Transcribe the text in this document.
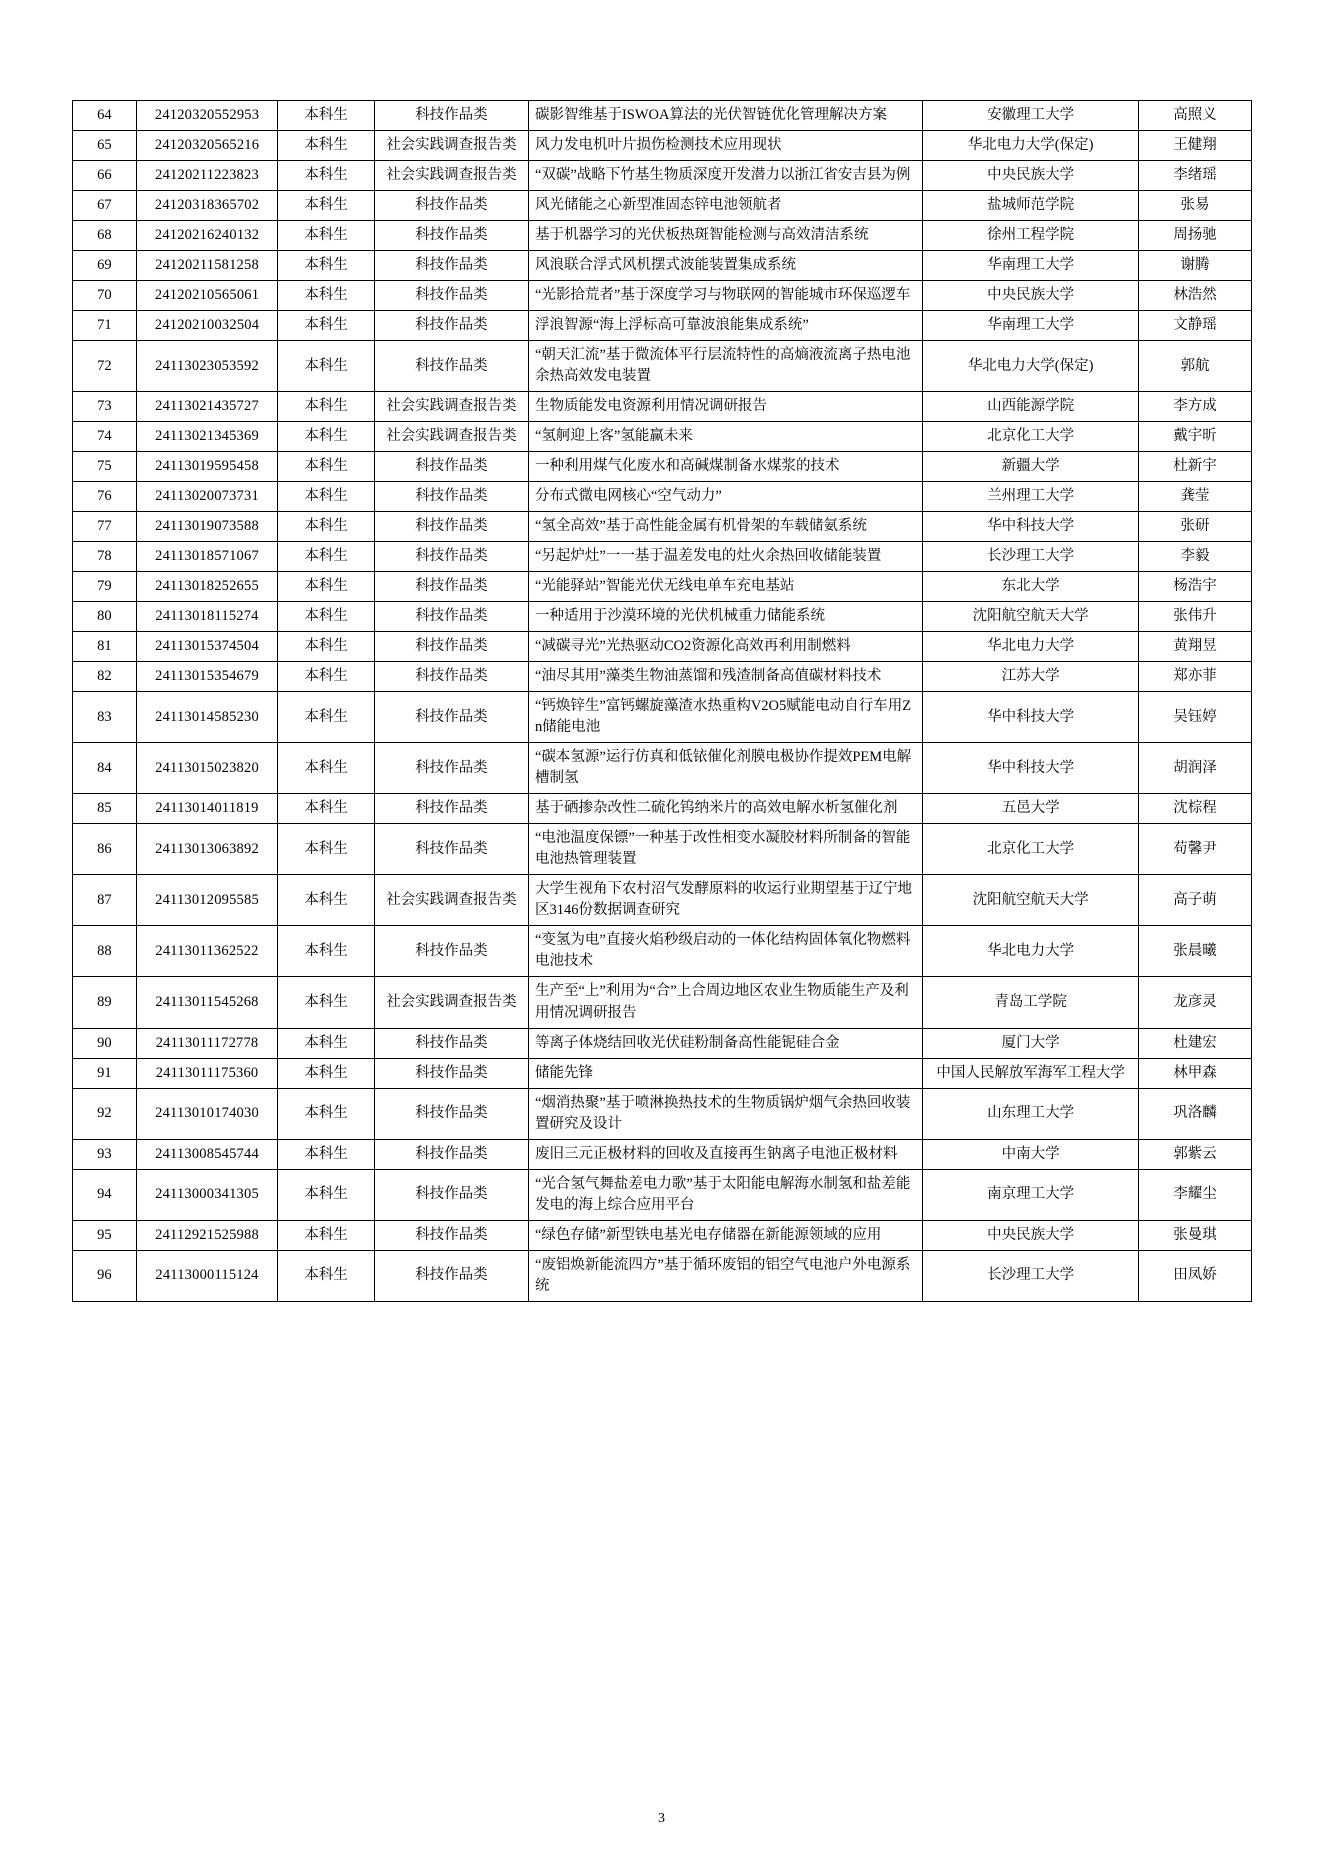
64	24120320552953	本科生	科技作品类	碳影智维基于ISWOA算法的光伏智链优化管理解决方案	安徽理工大学	高照义
65	24120320565216	本科生	社会实践调查报告类	风力发电机叶片损伤检测技术应用现状	华北电力大学(保定)	王健翔
66	24120211223823	本科生	社会实践调查报告类	“双碳”战略下竹基生物质深度开发潜力以浙江省安吉县为例	中央民族大学	李绪瑶
67	24120318365702	本科生	科技作品类	风光储能之心新型准固态锌电池领航者	盐城师范学院	张易
68	24120216240132	本科生	科技作品类	基于机器学习的光伏板热斑智能检测与高效清洁系统	徐州工程学院	周扬驰
69	24120211581258	本科生	科技作品类	风浪联合浮式风机摆式波能装置集成系统	华南理工大学	谢腾
70	24120210565061	本科生	科技作品类	“光影拾荒者”基于深度学习与物联网的智能城市环保巡逻车	中央民族大学	林浩然
71	24120210032504	本科生	科技作品类	浮浪智源“海上浮标高可靠波浪能集成系统”	华南理工大学	文静瑶
72	24113023053592	本科生	科技作品类	“朝天汇流”基于微流体平行层流特性的高熵液流离子热电池余热高效发电装置	华北电力大学(保定)	郭航
73	24113021435727	本科生	社会实践调查报告类	生物质能发电资源利用情况调研报告	山西能源学院	李方成
74	24113021345369	本科生	社会实践调查报告类	“氢舸迎上客”氢能赢未来	北京化工大学	戴宇昕
75	24113019595458	本科生	科技作品类	一种利用煤气化废水和高碱煤制备水煤浆的技术	新疆大学	杜新宇
76	24113020073731	本科生	科技作品类	分布式微电网核心“空气动力”	兰州理工大学	龚莹
77	24113019073588	本科生	科技作品类	“氢全高效”基于高性能金属有机骨架的车载储氨系统	华中科技大学	张研
78	24113018571067	本科生	科技作品类	“另起炉灶”一一基于温差发电的灶火余热回收储能装置	长沙理工大学	李毅
79	24113018252655	本科生	科技作品类	“光能驿站”智能光伏无线电单车充电基站	东北大学	杨浩宇
80	24113018115274	本科生	科技作品类	一种适用于沙漠环境的光伏机械重力储能系统	沈阳航空航天大学	张伟升
81	24113015374504	本科生	科技作品类	“减碳寻光”光热驱动CO2资源化高效再利用制燃料	华北电力大学	黄翔昱
82	24113015354679	本科生	科技作品类	“油尽其用”藻类生物油蒸馏和残渣制备高值碳材料技术	江苏大学	郑亦菲
83	24113014585230	本科生	科技作品类	“钙焕锌生”富钙螺旋藻渣水热重构V2O5赋能电动自行车用Zn储能电池	华中科技大学	吴钰婷
84	24113015023820	本科生	科技作品类	“碳本氢源”运行仿真和低铱催化剂膜电极协作提效PEM电解槽制氢	华中科技大学	胡润泽
85	24113014011819	本科生	科技作品类	基于硒掺杂改性二硫化钨纳米片的高效电解水析氢催化剂	五邑大学	沈棕程
86	24113013063892	本科生	科技作品类	“电池温度保镖”一种基于改性相变水凝胶材料所制备的智能电池热管理装置	北京化工大学	苟馨尹
87	24113012095585	本科生	社会实践调查报告类	大学生视角下农村沼气发酵原料的收运行业期望基于辽宁地区3146份数据调查研究	沈阳航空航天大学	高子萌
88	24113011362522	本科生	科技作品类	“变氢为电”直接火焰秒级启动的一体化结构固体氧化物燃料电池技术	华北电力大学	张晨曦
89	24113011545268	本科生	社会实践调查报告类	生产至“上”利用为“合”上合周边地区农业生物质能生产及利用情况调研报告	青岛工学院	龙彦灵
90	24113011172778	本科生	科技作品类	等离子体烧结回收光伏硅粉制备高性能铌硅合金	厦门大学	杜建宏
91	24113011175360	本科生	科技作品类	储能先锋	中国人民解放军海军工程大学	林甲森
92	24113010174030	本科生	科技作品类	“烟消热聚”基于喷淋换热技术的生物质锅炉烟气余热回收装置研究及设计	山东理工大学	巩洛麟
93	24113008545744	本科生	科技作品类	废旧三元正极材料的回收及直接再生钠离子电池正极材料	中南大学	郭紫云
94	24113000341305	本科生	科技作品类	“光合氢气舞盐差电力歌”基于太阳能电解海水制氢和盐差能发电的海上综合应用平台	南京理工大学	李耀尘
95	24112921525988	本科生	科技作品类	“绿色存储”新型铁电基光电存储器在新能源领域的应用	中央民族大学	张曼琪
96	24113000115124	本科生	科技作品类	“废铝焕新能流四方”基于循环废铝的铝空气电池户外电源系统	长沙理工大学	田凤娇
3
